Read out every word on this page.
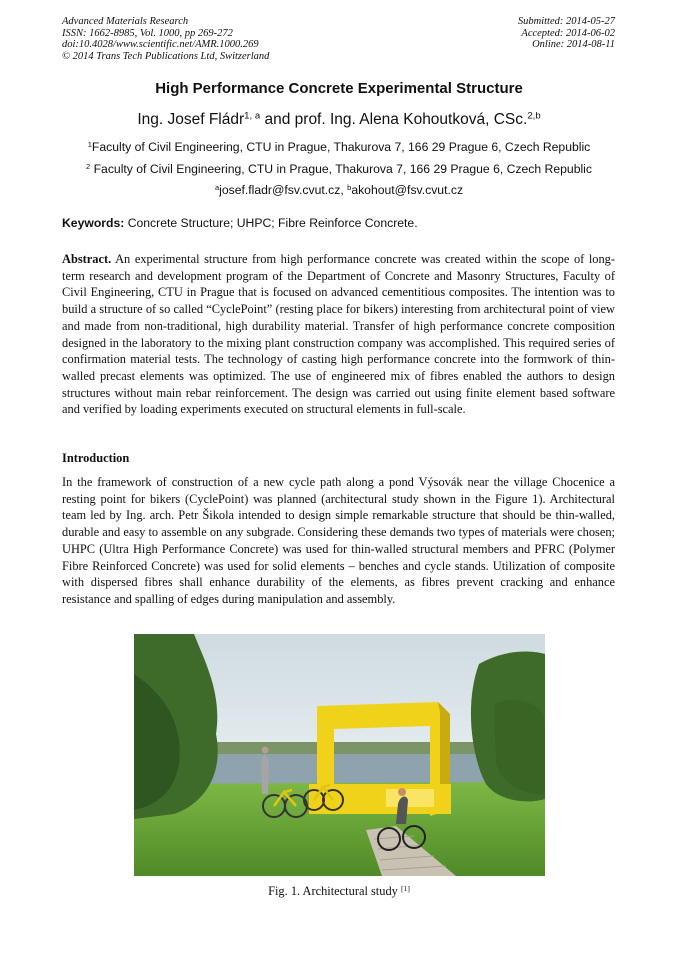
Advanced Materials Research
ISSN: 1662-8985, Vol. 1000, pp 269-272
doi:10.4028/www.scientific.net/AMR.1000.269
© 2014 Trans Tech Publications Ltd, Switzerland
Submitted: 2014-05-27
Accepted: 2014-06-02
Online: 2014-08-11
High Performance Concrete Experimental Structure
Ing. Josef Fládr$^{1, a}$ and prof. Ing. Alena Kohoutková, CSc.$^{2,b}$
$^1$Faculty of Civil Engineering, CTU in Prague, Thakurova 7, 166 29 Prague 6, Czech Republic
$^2$ Faculty of Civil Engineering, CTU in Prague, Thakurova 7, 166 29 Prague 6, Czech Republic
$^a$josef.fladr@fsv.cvut.cz, $^b$akohout@fsv.cvut.cz
Keywords: Concrete Structure; UHPC; Fibre Reinforce Concrete.
Abstract. An experimental structure from high performance concrete was created within the scope of long-term research and development program of the Department of Concrete and Masonry Structures, Faculty of Civil Engineering, CTU in Prague that is focused on advanced cementitious composites. The intention was to build a structure of so called “CyclePoint” (resting place for bikers) interesting from architectural point of view and made from non-traditional, high durability material. Transfer of high performance concrete composition designed in the laboratory to the mixing plant construction company was accomplished. This required series of confirmation material tests. The technology of casting high performance concrete into the formwork of thin-walled precast elements was optimized. The use of engineered mix of fibres enabled the authors to design structures without main rebar reinforcement. The design was carried out using finite element based software and verified by loading experiments executed on structural elements in full-scale.
Introduction
In the framework of construction of a new cycle path along a pond Výsovák near the village Chocenice a resting point for bikers (CyclePoint) was planned (architectural study shown in the Figure 1). Architectural team led by Ing. arch. Petr Šikola intended to design simple remarkable structure that should be thin-walled, durable and easy to assemble on any subgrade. Considering these demands two types of materials were chosen; UHPC (Ultra High Performance Concrete) was used for thin-walled structural members and PFRC (Polymer Fibre Reinforced Concrete) was used for solid elements – benches and cycle stands. Utilization of composite with dispersed fibres shall enhance durability of the elements, as fibres prevent cracking and enhance resistance and spalling of edges during manipulation and assembly.
Fig. 1. Architectural study [1]
